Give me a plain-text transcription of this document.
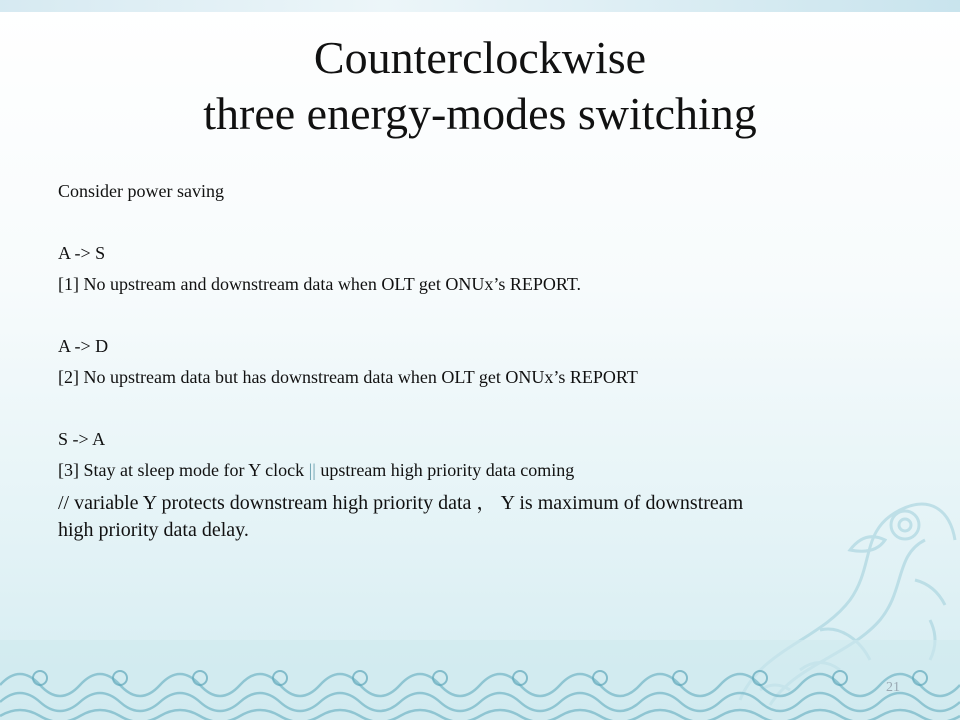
Counterclockwise
three energy-modes switching

Consider power saving

A -> S

[1] No upstream and downstream data when OLT get ONUx’s REPORT.

A -> D

[2] No upstream data but has downstream data when OLT get ONUx’s REPORT

S -> A

[3] Stay at sleep mode for Y clock || upstream high priority data coming

// variable Y protects downstream high priority data ， Y is maximum of downstream

high priority data delay.

21
